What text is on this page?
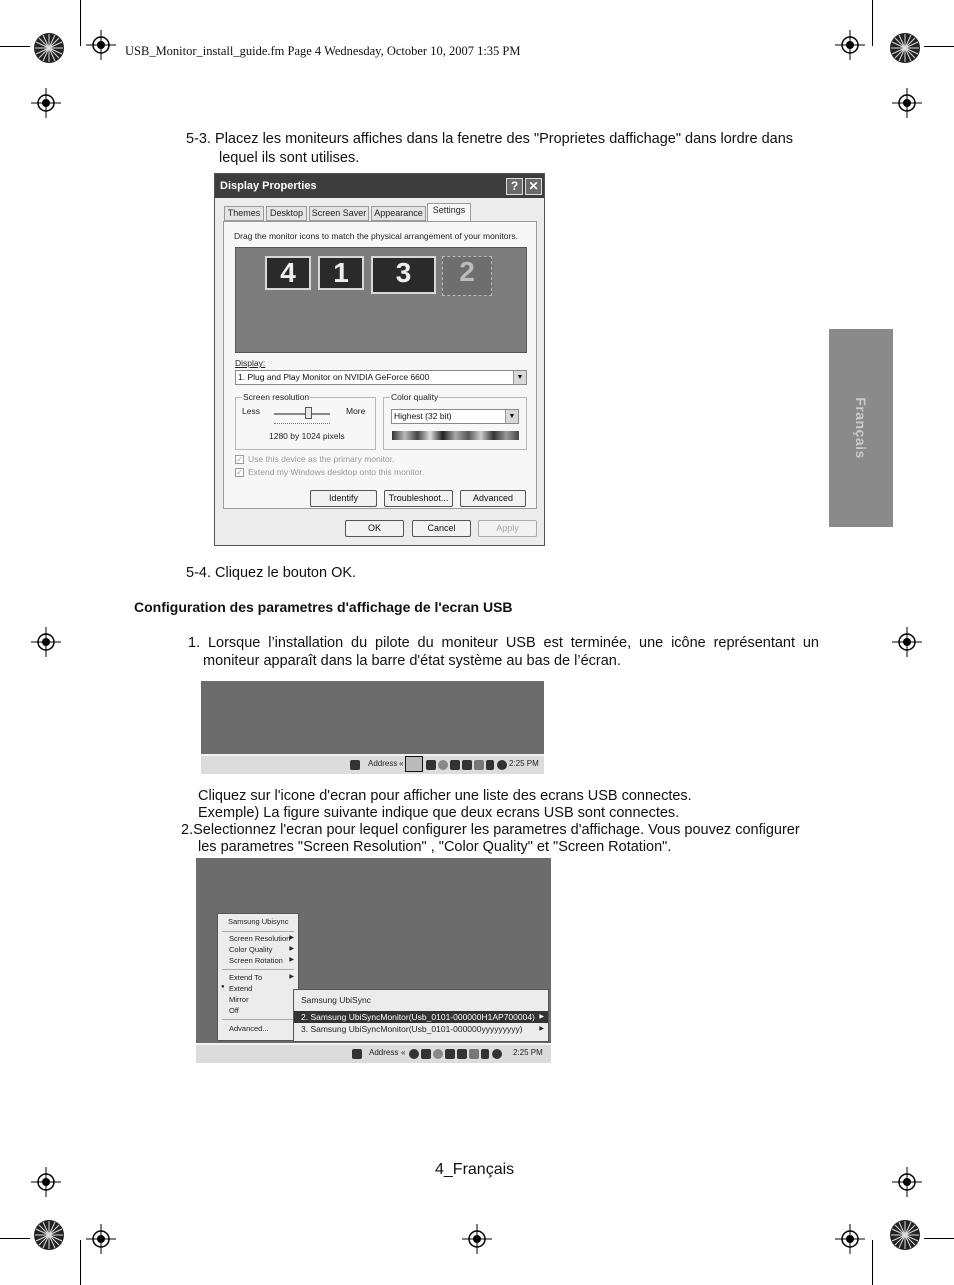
USB_Monitor_install_guide.fm Page 4 Wednesday, October 10, 2007 1:35 PM
Français
5-3. Placez les moniteurs affiches dans la fenetre des "Proprietes daffichage" dans lordre dans
lequel ils sont utilises.
Display Properties	? ✕
Themes	Desktop Screen Saver Appearance	Settings
Drag the monitor icons to match the physical arrangement of your monitors.
4	1	3	2
Display:
1. Plug and Play Monitor on NVIDIA GeForce 6600	▼
Screen resolution
Less	More
1280 by 1024 pixels
Color quality
Highest (32 bit)	▼
✓ Use this device as the primary monitor.
✓ Extend my Windows desktop onto this monitor.
Identify	Troubleshoot...	Advanced
OK	Cancel	Apply
5-4. Cliquez le bouton OK.
Configuration des parametres d'affichage de l'ecran USB
1. Lorsque l’installation du pilote du moniteur USB est terminée, une icône représentant un
moniteur apparaît dans la barre d'état système au bas de l’écran.
Address «	2:25 PM
Cliquez sur l'icone d'ecran pour afficher une liste des ecrans USB connectes.
Exemple) La figure suivante indique que deux ecrans USB sont connectes.
2.Selectionnez l'ecran pour lequel configurer les parametres d'affichage. Vous pouvez configurer
les parametres "Screen Resolution" , "Color Quality" et "Screen Rotation".
Samsung Ubisync
Screen Resolution ▶
Color Quality	▶
Screen Rotation ▶
Extend To	▶
● Extend
Mirror
Off
Advanced...
Samsung UbiSync
2. Samsung UbiSyncMonitor(Usb_0101-000000H1AP700004) ▶
3. Samsung UbiSyncMonitor(Usb_0101-000000yyyyyyyyy)	▶
Address «	2:25 PM
4_Français
